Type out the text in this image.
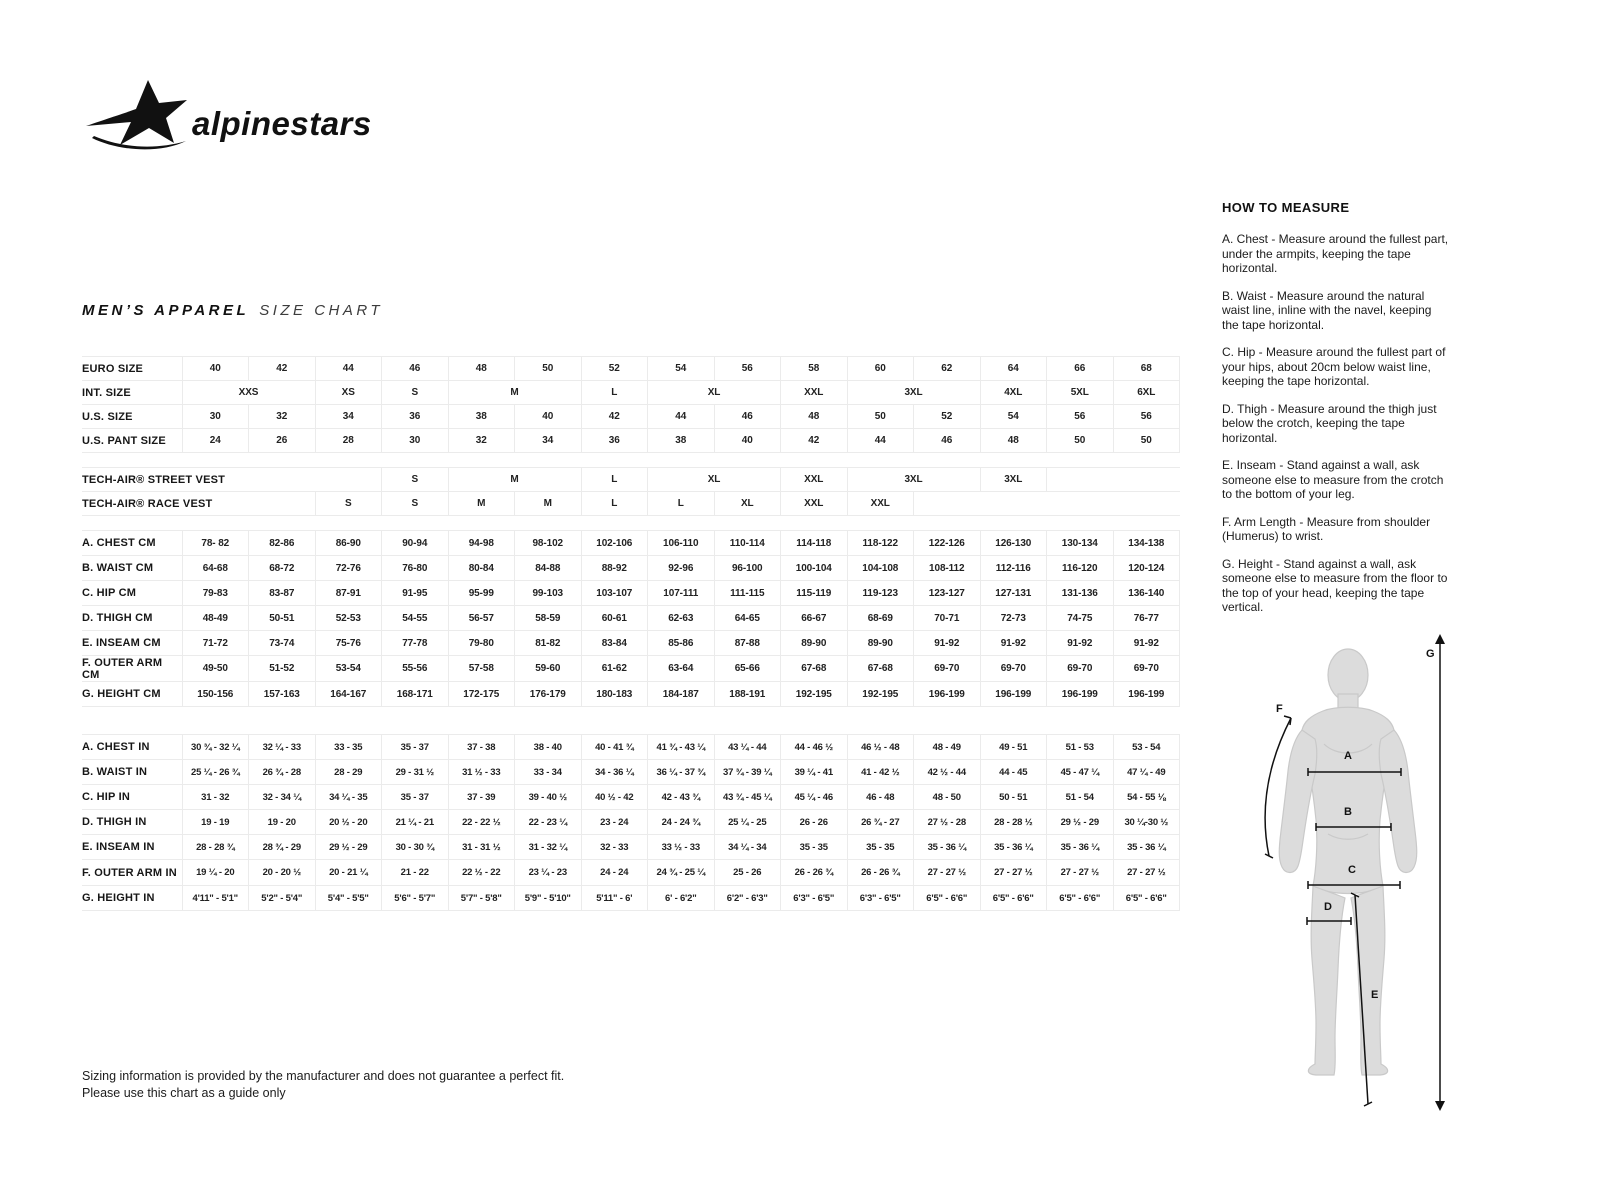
alpinestars
MEN’S APPAREL SIZE CHART
EURO SIZE	40	42	44	46	48	50	52	54	56	58	60	62	64	66	68
INT. SIZE	XXS		XS	S	M		L	XL		XXL	3XL		4XL	5XL	6XL
U.S. SIZE	30	32	34	36	38	40	42	44	46	48	50	52	54	56	56
U.S. PANT SIZE	24	26	28	30	32	34	36	38	40	42	44	46	48	50	50

TECH-AIR® STREET VEST				S	M		L	XL		XXL	3XL		3XL		
TECH-AIR® RACE VEST			S	S	M	M	L	L	XL	XXL	XXL				

A. CHEST CM	78- 82	82-86	86-90	90-94	94-98	98-102	102-106	106-110	110-114	114-118	118-122	122-126	126-130	130-134	134-138
B. WAIST CM	64-68	68-72	72-76	76-80	80-84	84-88	88-92	92-96	96-100	100-104	104-108	108-112	112-116	116-120	120-124
C. HIP CM	79-83	83-87	87-91	91-95	95-99	99-103	103-107	107-111	111-115	115-119	119-123	123-127	127-131	131-136	136-140
D. THIGH CM	48-49	50-51	52-53	54-55	56-57	58-59	60-61	62-63	64-65	66-67	68-69	70-71	72-73	74-75	76-77
E. INSEAM CM	71-72	73-74	75-76	77-78	79-80	81-82	83-84	85-86	87-88	89-90	89-90	91-92	91-92	91-92	91-92
F. OUTER ARM CM	49-50	51-52	53-54	55-56	57-58	59-60	61-62	63-64	65-66	67-68	67-68	69-70	69-70	69-70	69-70
G. HEIGHT CM	150-156	157-163	164-167	168-171	172-175	176-179	180-183	184-187	188-191	192-195	192-195	196-199	196-199	196-199	196-199

A. CHEST IN	30 ¾ - 32 ¼	32 ¼ - 33	33 - 35	35 - 37	37 - 38	38 - 40	40 - 41 ¾	41 ¾ - 43 ¼	43 ¼ - 44	44 - 46 ½	46 ½ - 48	48 - 49	49 - 51	51 - 53	53 - 54
B. WAIST IN	25 ¼ - 26 ¾	26 ¾ - 28	28 - 29	29 - 31 ½	31 ½ - 33	33 - 34	34 - 36 ¼	36 ¼ - 37 ¾	37 ¾ - 39 ¼	39 ¼ - 41	41 - 42 ½	42 ½ - 44	44 - 45	45 - 47 ¼	47 ¼ - 49
C. HIP IN	31 - 32	32 - 34 ¼	34 ¼ - 35	35 - 37	37 - 39	39 - 40 ½	40 ½ - 42	42 - 43 ¾	43 ¾ - 45 ¼	45 ¼ - 46	46 - 48	48 - 50	50 - 51	51 - 54	54 - 55 ⅛
D. THIGH IN	19 - 19	19 - 20	20 ½ - 20	21 ¼ - 21	22 - 22 ½	22 - 23 ¼	23 - 24	24 - 24 ¾	25 ¼ - 25	26 - 26	26 ¾ - 27	27 ½ - 28	28 - 28 ½	29 ½ - 29	30 ¼-30 ½
E. INSEAM IN	28 - 28 ¾	28 ¾ - 29	29 ½ - 29	30 - 30 ¾	31 - 31 ½	31 - 32 ¼	32 - 33	33 ½ - 33	34 ¼ - 34	35 - 35	35 - 35	35 - 36 ¼	35 - 36 ¼	35 - 36 ¼	35 - 36 ¼
F. OUTER ARM IN	19 ¼ - 20	20 - 20 ½	20 - 21 ¼	21 - 22	22 ½ - 22	23 ¼ - 23	24 - 24	24 ¾ - 25 ¼	25 - 26	26 - 26 ¾	26 - 26 ¾	27 - 27 ½	27 - 27 ½	27 - 27 ½	27 - 27 ½
G. HEIGHT IN	4'11" - 5'1"	5'2" - 5'4"	5'4" - 5'5"	5'6" - 5'7"	5'7" - 5'8"	5'9" - 5'10"	5'11" - 6'	6' - 6'2"	6'2" - 6'3"	6'3" - 6'5"	6'3" - 6'5"	6'5" - 6'6"	6'5" - 6'6"	6'5" - 6'6"	6'5" - 6'6"
HOW TO MEASURE

A. Chest - Measure around the fullest part, under the armpits, keeping the tape horizontal.

B. Waist - Measure around the natural waist line, inline with the navel, keeping the tape horizontal.

C. Hip - Measure around the fullest part of your hips, about 20cm below waist line, keeping the tape horizontal.

D. Thigh - Measure around the thigh just below the crotch, keeping the tape horizontal.

E. Inseam - Stand against a wall, ask someone else to measure from the crotch to the bottom of your leg.

F. Arm Length - Measure from shoulder (Humerus) to wrist.

G. Height - Stand against a wall, ask someone else to measure from the floor to the top of your head, keeping the tape vertical.

A
B
C
D
E
F
G
Sizing information is provided by the manufacturer and does not guarantee a perfect fit.
Please use this chart as a guide only
